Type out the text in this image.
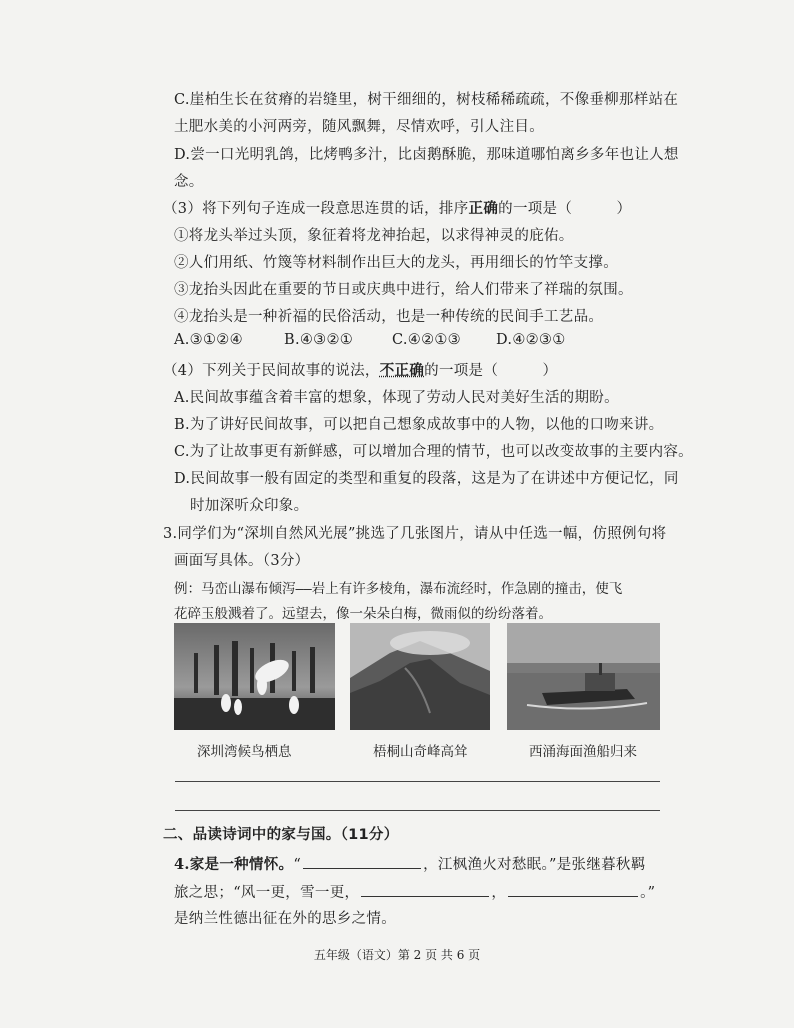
C.崖柏生长在贫瘠的岩缝里，树干细细的，树枝稀稀疏疏，不像垂柳那样站在
土肥水美的小河两旁，随风飘舞，尽情欢呼，引人注目。
D.尝一口光明乳鸽，比烤鸭多汁，比卤鹅酥脆，那味道哪怕离乡多年也让人想
念。
（3）将下列句子连成一段意思连贯的话，排序正确的一项是（　　　）
①将龙头举过头顶，象征着将龙神抬起，以求得神灵的庇佑。
②人们用纸、竹篾等材料制作出巨大的龙头，再用细长的竹竿支撑。
③龙抬头因此在重要的节日或庆典中进行，给人们带来了祥瑞的氛围。
④龙抬头是一种祈福的民俗活动，也是一种传统的民间手工艺品。
A.③①②④	B.④③②①	C.④②①③ D.④②③①
（4）下列关于民间故事的说法，不正确的一项是（　　　）
A.民间故事蕴含着丰富的想象，体现了劳动人民对美好生活的期盼。
B.为了讲好民间故事，可以把自己想象成故事中的人物，以他的口吻来讲。
C.为了让故事更有新鲜感，可以增加合理的情节，也可以改变故事的主要内容。
D.民间故事一般有固定的类型和重复的段落，这是为了在讲述中方便记忆，同
时加深听众印象。
3.同学们为“深圳自然风光展”挑选了几张图片，请从中任选一幅，仿照例句将
画面写具体。（3分）
例：马峦山瀑布倾泻——岩上有许多棱角，瀑布流经时，作急剧的撞击，使飞
花碎玉般溅着了。远望去，像一朵朵白梅，微雨似的纷纷落着。
深圳湾候鸟栖息	梧桐山奇峰高耸	西涌海面渔船归来
二、品读诗词中的家与国。（11分）
4.家是一种情怀。“	，江枫渔火对愁眠。”是张继暮秋羁
旅之思；“风一更，雪一更，	，	。”
是纳兰性德出征在外的思乡之情。
五年级（语文）第 2 页 共 6 页
